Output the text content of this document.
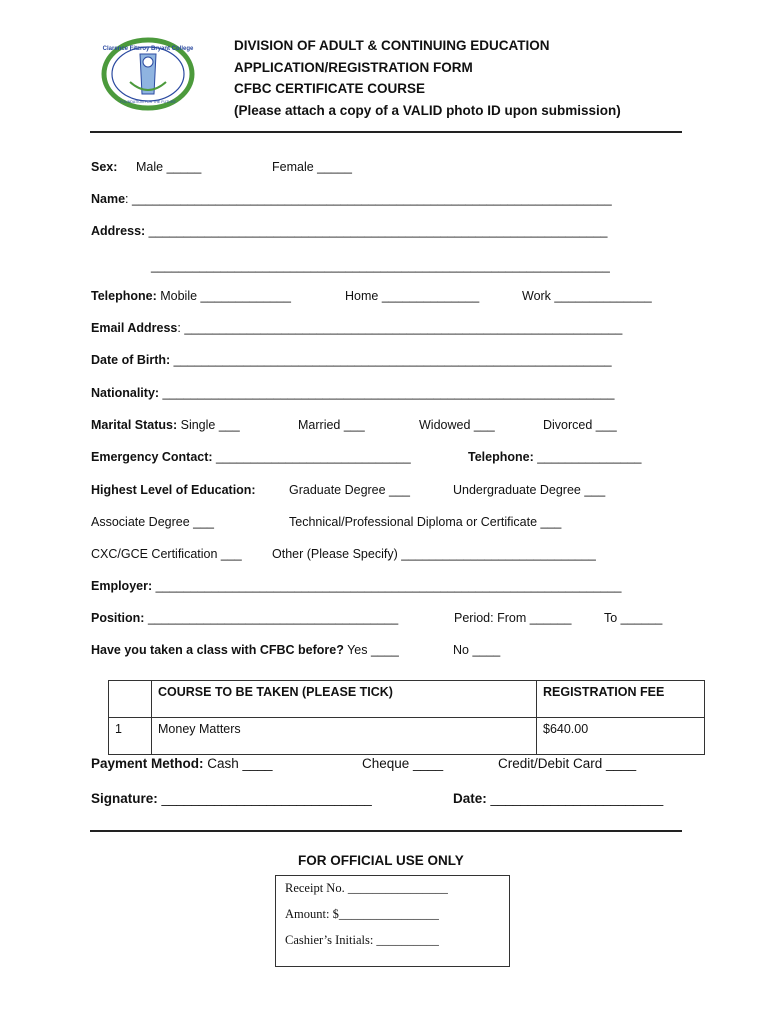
Clarence Fitzroy Bryant College
FOUNDATION FOR THE FUTURE
DIVISION OF ADULT & CONTINUING EDUCATION
APPLICATION/REGISTRATION FORM
CFBC CERTIFICATE COURSE
(Please attach a copy of a VALID photo ID upon submission)
Sex: Male _____	Female _____
Name: _____________________________________________________________________
Address: __________________________________________________________________
__________________________________________________________________
Telephone: Mobile _____________	Home ______________	Work ______________
Email Address: _______________________________________________________________
Date of Birth: _______________________________________________________________
Nationality: _________________________________________________________________
Marital Status: Single ___	Married ___	Widowed ___	Divorced ___
Emergency Contact: ____________________________	Telephone: _______________
Highest Level of Education:	Graduate Degree ___	Undergraduate Degree ___
Associate Degree ___	Technical/Professional Diploma or Certificate ___
CXC/GCE Certification ___ Other (Please Specify) ____________________________
Employer: ___________________________________________________________________
Position: ____________________________________	Period: From ______	To ______
Have you taken a class with CFBC before? Yes ____	No ____
	COURSE TO BE TAKEN (PLEASE TICK)	REGISTRATION FEE
1	Money Matters	$640.00
Payment Method: Cash ____	Cheque ____	Credit/Debit Card ____
Signature: ____________________________	Date: _______________________
FOR OFFICIAL USE ONLY
Receipt No. ________________
Amount: $________________
Cashier’s Initials: __________
